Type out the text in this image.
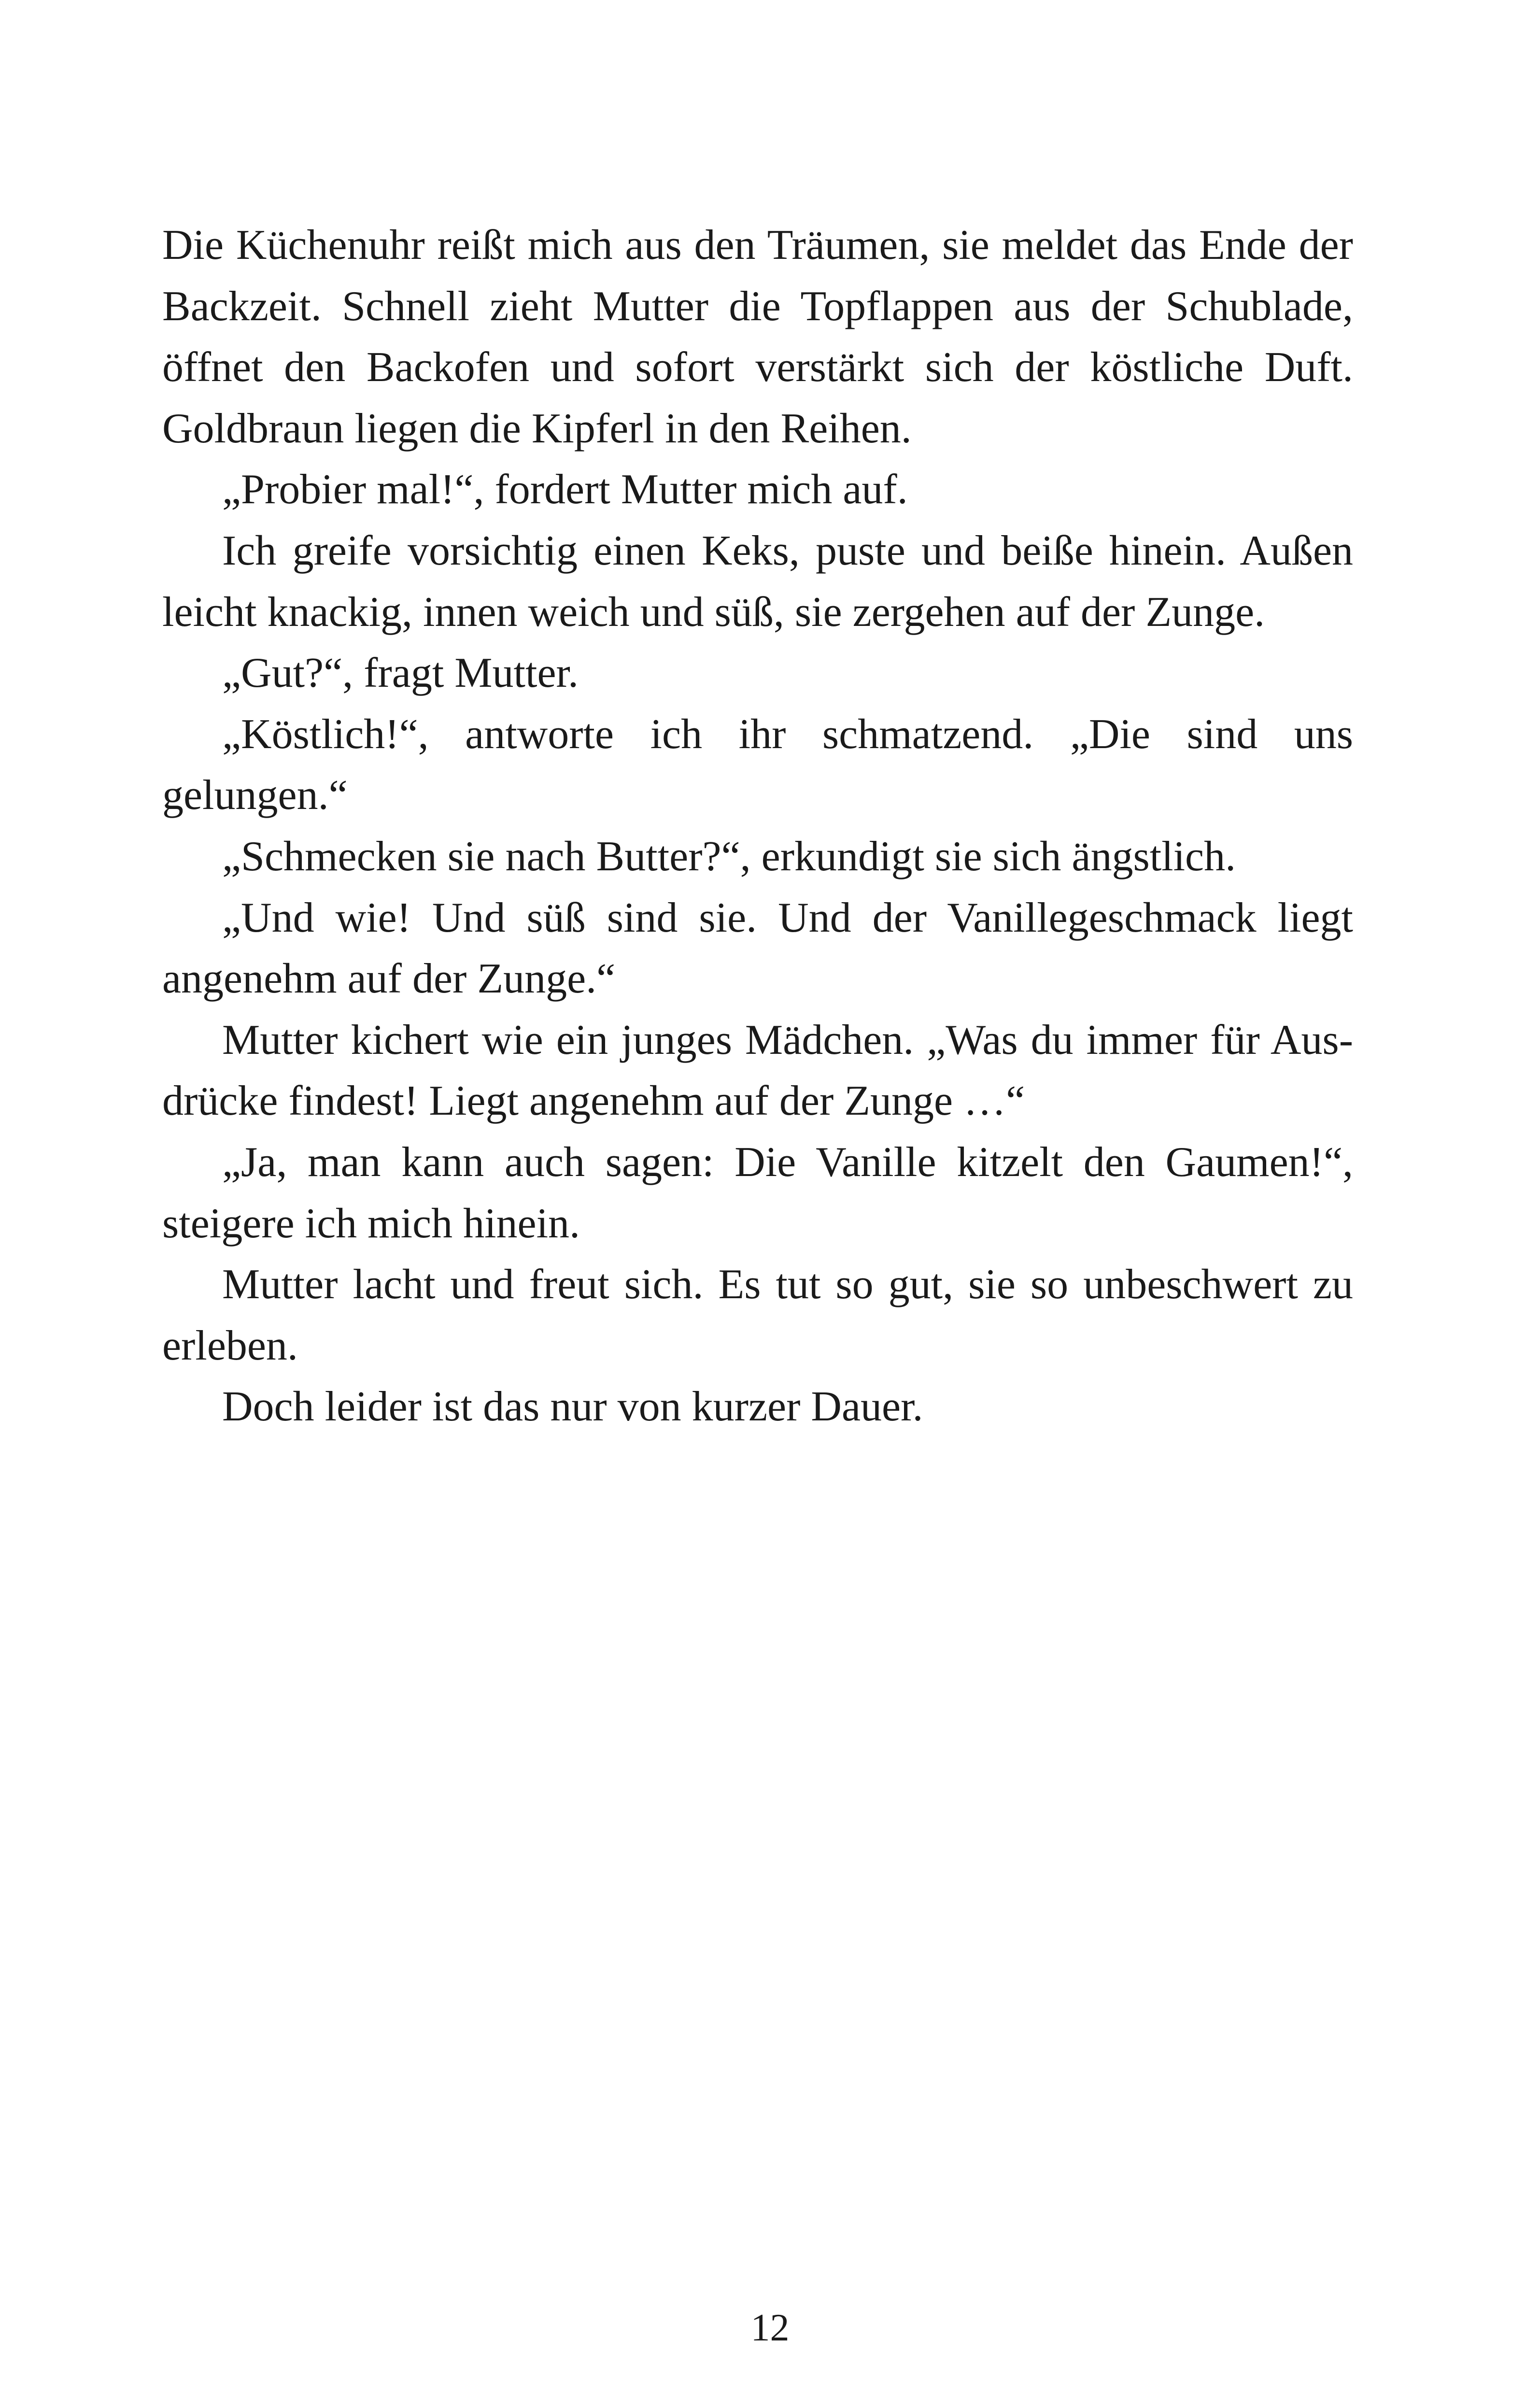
Die Küchenuhr reißt mich aus den Träumen, sie meldet das Ende der Backzeit. Schnell zieht Mutter die Topflappen aus der Schublade, öffnet den Backofen und sofort verstärkt sich der köstliche Duft. Goldbraun liegen die Kipferl in den Reihen.

„Probier mal!“, fordert Mutter mich auf.

Ich greife vorsichtig einen Keks, puste und beiße hinein. Außen leicht knackig, innen weich und süß, sie zergehen auf der Zunge.

„Gut?“, fragt Mutter.

„Köstlich!“, antworte ich ihr schmatzend. „Die sind uns gelungen.“

„Schmecken sie nach Butter?“, erkundigt sie sich ängstlich.

„Und wie! Und süß sind sie. Und der Vanillegeschmack liegt angenehm auf der Zunge.“

Mutter kichert wie ein junges Mädchen. „Was du immer für Ausdrücke findest! Liegt angenehm auf der Zunge …“

„Ja, man kann auch sagen: Die Vanille kitzelt den Gaumen!“, steigere ich mich hinein.

Mutter lacht und freut sich. Es tut so gut, sie so unbeschwert zu erleben.

Doch leider ist das nur von kurzer Dauer.

12
